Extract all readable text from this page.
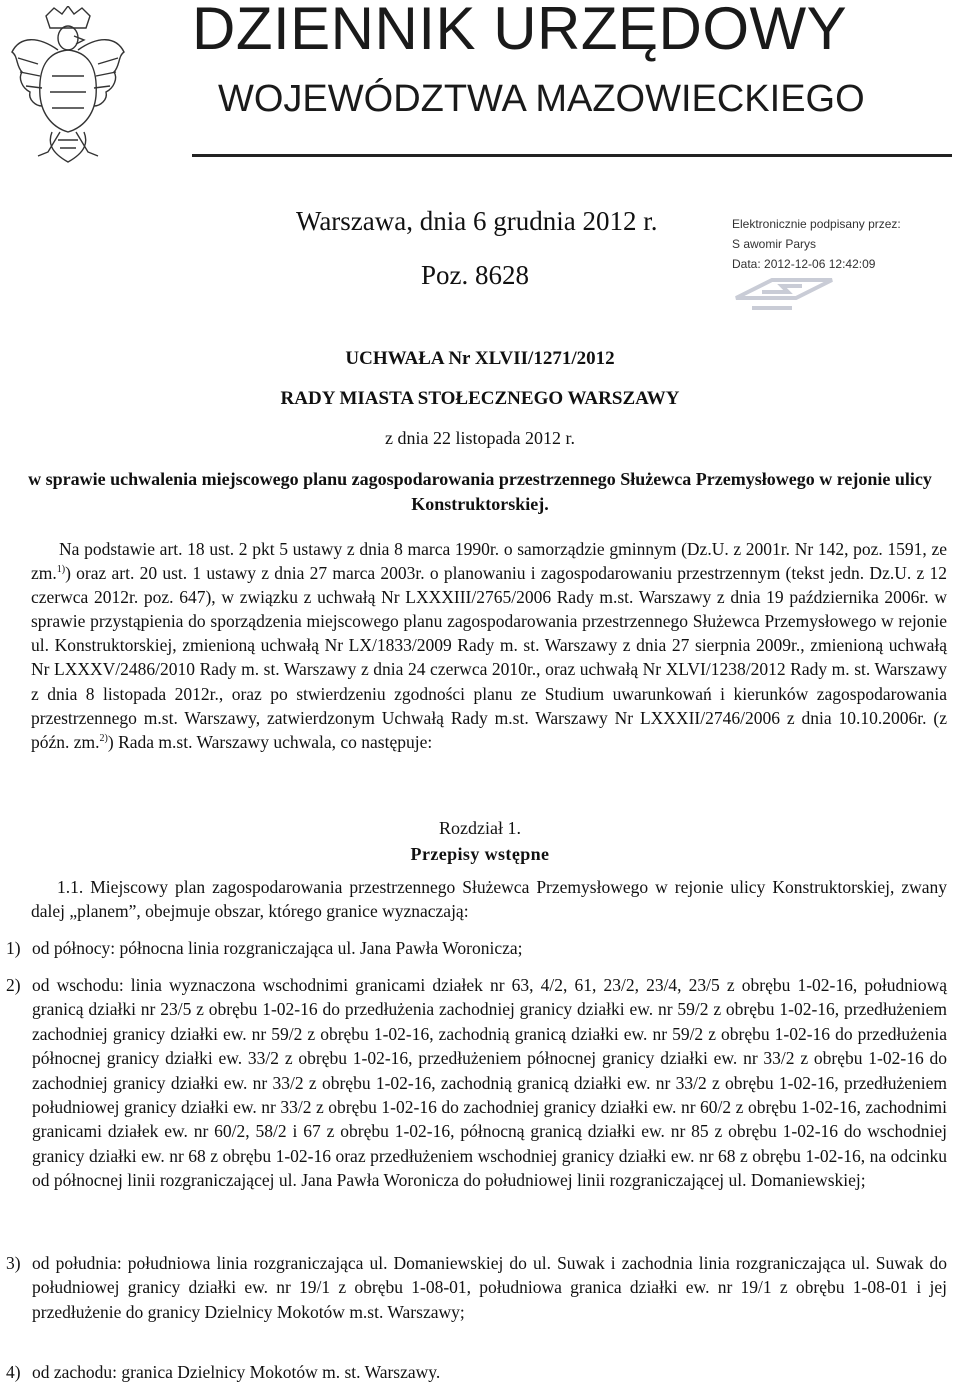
DZIENNIK URZĘDOWY
WOJEWÓDZTWA MAZOWIECKIEGO
Warszawa, dnia 6 grudnia 2012 r.
Poz. 8628
Elektronicznie podpisany przez:
S awomir Parys
Data: 2012-12-06 12:42:09
UCHWAŁA Nr XLVII/1271/2012
RADY MIASTA STOŁECZNEGO WARSZAWY
z dnia 22 listopada 2012 r.
w sprawie uchwalenia miejscowego planu zagospodarowania przestrzennego Służewca Przemysłowego w rejonie ulicy Konstruktorskiej.

Na podstawie art. 18 ust. 2 pkt 5 ustawy z dnia 8 marca 1990r. o samorządzie gminnym (Dz.U. z 2001r. Nr 142, poz. 1591, ze zm.$^{1)}$) oraz art. 20 ust. 1 ustawy z dnia 27 marca 2003r. o planowaniu i zagospodarowaniu przestrzennym (tekst jedn. Dz.U. z 12 czerwca 2012r. poz. 647), w związku z uchwałą Nr LXXXIII/2765/2006 Rady m.st. Warszawy z dnia 19 października 2006r. w sprawie przystąpienia do sporządzenia miejscowego planu zagospodarowania przestrzennego Służewca Przemysłowego w rejonie ul. Konstruktorskiej, zmienioną uchwałą Nr LX/1833/2009 Rady m. st. Warszawy z dnia 27 sierpnia 2009r., zmienioną uchwałą Nr LXXXV/2486/2010 Rady m. st. Warszawy z dnia 24 czerwca 2010r., oraz uchwałą Nr XLVI/1238/2012 Rady m. st. Warszawy z dnia 8 listopada 2012r., oraz po stwierdzeniu zgodności planu ze Studium uwarunkowań i kierunków zagospodarowania przestrzennego m.st. Warszawy, zatwierdzonym Uchwałą Rady m.st. Warszawy Nr LXXXII/2746/2006 z dnia 10.10.2006r. (z późn. zm.$^{2)}$) Rada m.st. Warszawy uchwala, co następuje:

Rozdział 1.
Przepisy wstępne
1.1. Miejscowy plan zagospodarowania przestrzennego Służewca Przemysłowego w rejonie ulicy Konstruktorskiej, zwany dalej „planem”, obejmuje obszar, którego granice wyznaczają:
1) od północy: północna linia rozgraniczająca ul. Jana Pawła Woronicza;
2) od wschodu: linia wyznaczona wschodnimi granicami działek nr 63, 4/2, 61, 23/2, 23/4, 23/5 z obrębu 1-02-16, południową granicą działki nr 23/5 z obrębu 1-02-16 do przedłużenia zachodniej granicy działki ew. nr 59/2 z obrębu 1-02-16, przedłużeniem zachodniej granicy działki ew. nr 59/2 z obrębu 1-02-16, zachodnią granicą działki ew. nr 59/2 z obrębu 1-02-16 do przedłużenia północnej granicy działki ew. 33/2 z obrębu 1-02-16, przedłużeniem północnej granicy działki ew. nr 33/2 z obrębu 1-02-16 do zachodniej granicy działki ew. nr 33/2 z obrębu 1-02-16, zachodnią granicą działki ew. nr 33/2 z obrębu 1-02-16, przedłużeniem południowej granicy działki ew. nr 33/2 z obrębu 1-02-16 do zachodniej granicy działki ew. nr 60/2 z obrębu 1-02-16, zachodnimi granicami działek ew. nr 60/2, 58/2 i 67 z obrębu 1-02-16, północną granicą działki ew. nr 85 z obrębu 1-02-16 do wschodniej granicy działki ew. nr 68 z obrębu 1-02-16 oraz przedłużeniem wschodniej granicy działki ew. nr 68 z obrębu 1-02-16, na odcinku od północnej linii rozgraniczającej ul. Jana Pawła Woronicza do południowej linii rozgraniczającej ul. Domaniewskiej;
3) od południa: południowa linia rozgraniczająca ul. Domaniewskiej do ul. Suwak i zachodnia linia rozgraniczająca ul. Suwak do południowej granicy działki ew. nr 19/1 z obrębu 1-08-01, południowa granica działki ew. nr 19/1 z obrębu 1-08-01 i jej przedłużenie do granicy Dzielnicy Mokotów m.st. Warszawy;
4) od zachodu: granica Dzielnicy Mokotów m. st. Warszawy.
